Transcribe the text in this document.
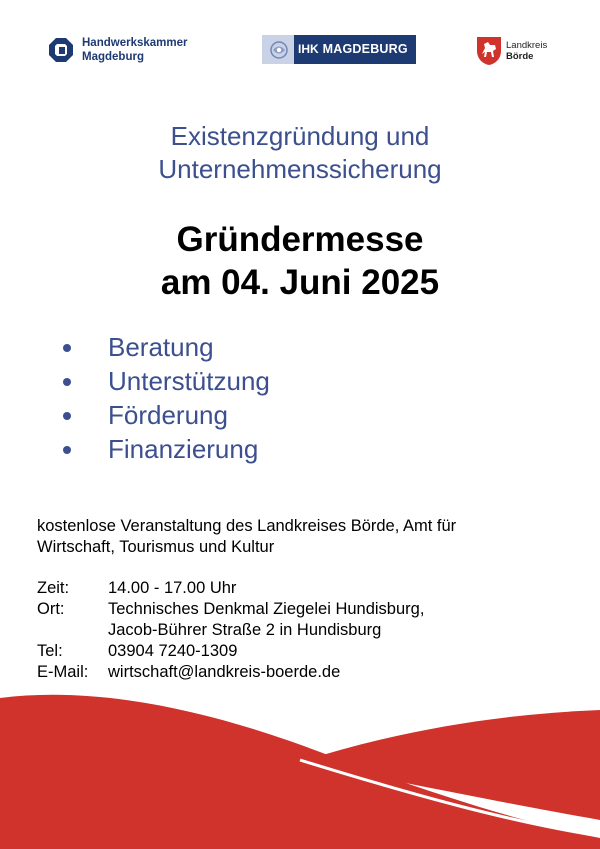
Handwerkskammer
Magdeburg
IHK MAGDEBURG	Landkreis
Börde
Existenzgründung und
Unternehmenssicherung
Gründermesse
am 04. Juni 2025
Beratung
Unterstützung
Förderung
Finanzierung
kostenlose Veranstaltung des Landkreises Börde, Amt für
Wirtschaft, Tourismus und Kultur
Zeit:	14.00 - 17.00 Uhr
Ort:	Technisches Denkmal Ziegelei Hundisburg,
Jacob-Bührer Straße 2 in Hundisburg
Tel:	03904 7240-1309
E-Mail:	wirtschaft@landkreis-boerde.de
